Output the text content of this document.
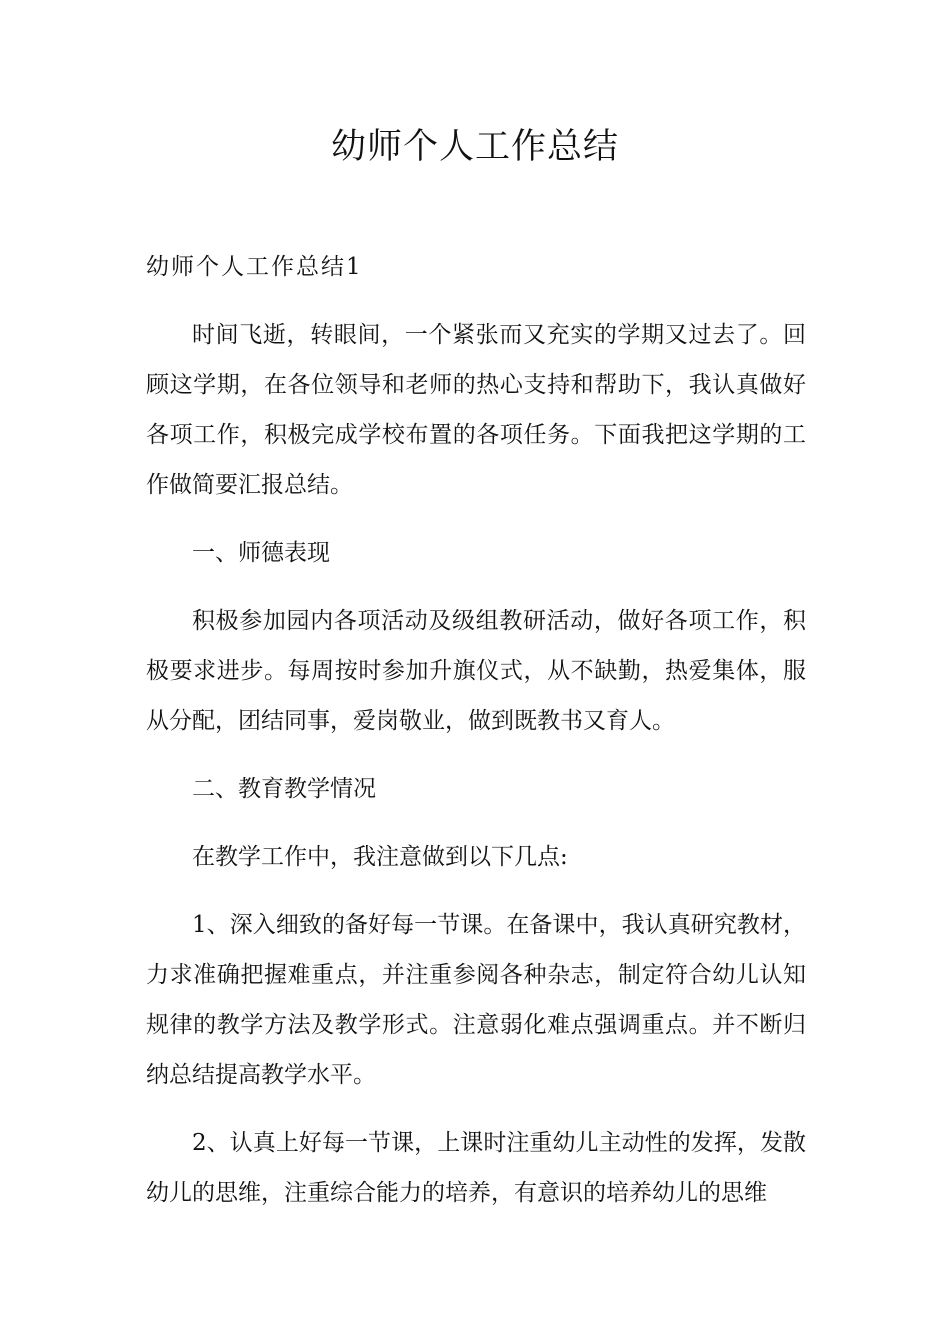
幼师个人工作总结
幼师个人工作总结1

时间飞逝，转眼间，一个紧张而又充实的学期又过去了。回顾这学期，在各位领导和老师的热心支持和帮助下，我认真做好各项工作，积极完成学校布置的各项任务。下面我把这学期的工作做简要汇报总结。

一、师德表现

积极参加园内各项活动及级组教研活动，做好各项工作，积极要求进步。每周按时参加升旗仪式，从不缺勤，热爱集体，服从分配，团结同事，爱岗敬业，做到既教书又育人。

二、教育教学情况

在教学工作中，我注意做到以下几点:

1、深入细致的备好每一节课。在备课中，我认真研究教材，力求准确把握难重点，并注重参阅各种杂志，制定符合幼儿认知规律的教学方法及教学形式。注意弱化难点强调重点。并不断归纳总结提高教学水平。

2、认真上好每一节课，上课时注重幼儿主动性的发挥，发散幼儿的思维，注重综合能力的培养，有意识的培养幼儿的思维
